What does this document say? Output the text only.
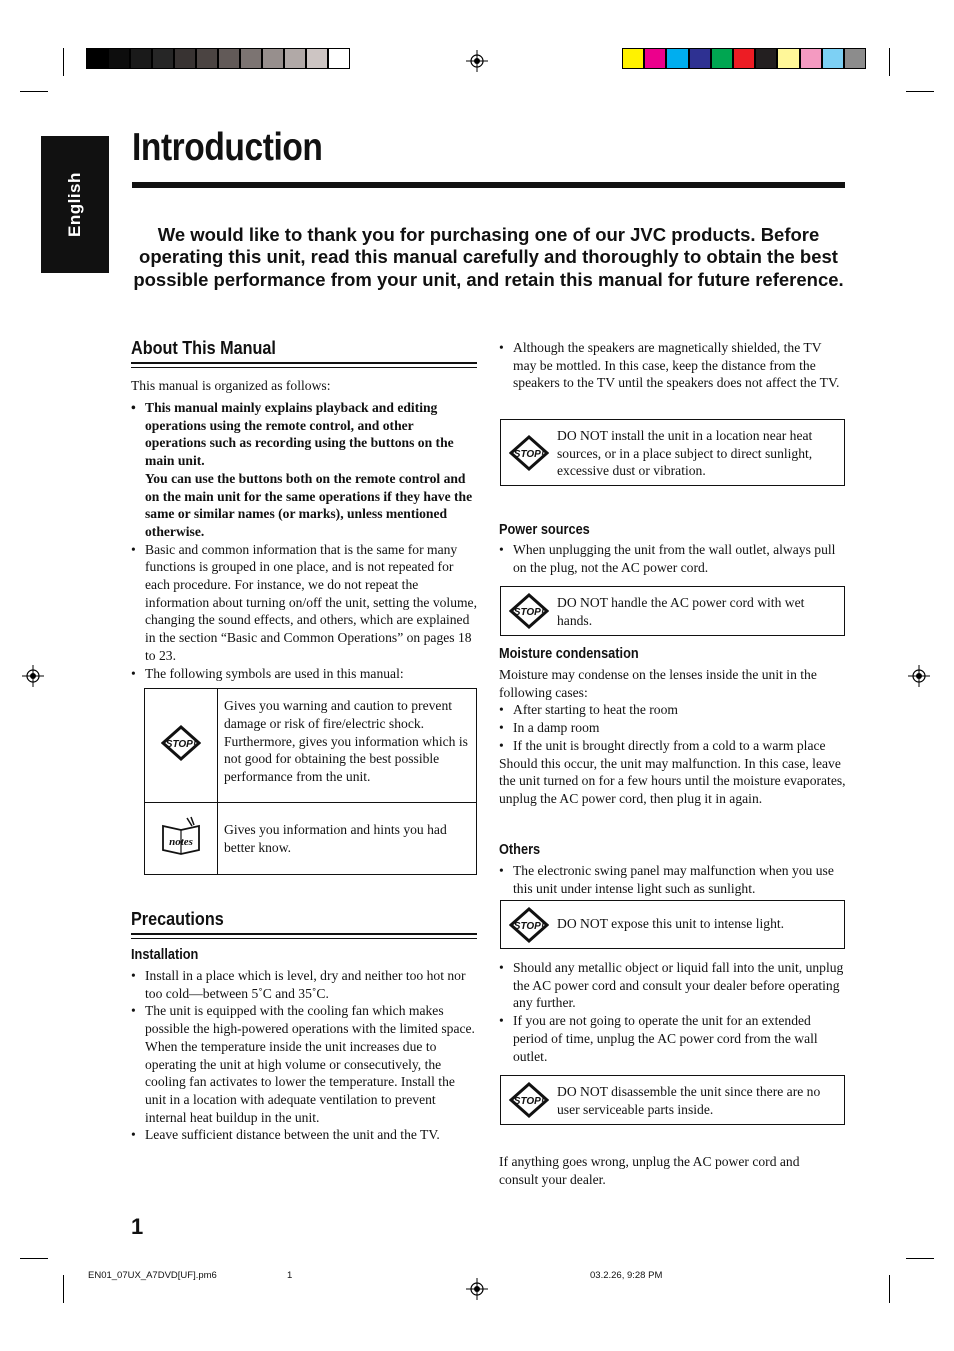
English
Introduction
We would like to thank you for purchasing one of our JVC products. Before operating this unit, read this manual carefully and thoroughly to obtain the best possible performance from your unit, and retain this manual for future reference.
About This Manual
This manual is organized as follows:
• This manual mainly explains playback and editing operations using the remote control, and other operations such as recording using the buttons on the main unit.
You can use the buttons both on the remote control and on the main unit for the same operations if they have the same or similar names (or marks), unless mentioned otherwise.
• Basic and common information that is the same for many functions is grouped in one place, and is not repeated for each procedure. For instance, we do not repeat the information about turning on/off the unit, setting the volume, changing the sound effects, and others, which are explained in the section “Basic and Common Operations” on pages 18 to 23.
• The following symbols are used in this manual:
STOP!	Gives you warning and caution to prevent damage or risk of fire/electric shock. Furthermore, gives you information which is not good for obtaining the best possible performance from the unit.

notes	Gives you information and hints you had better know.
Precautions
Installation
• Install in a place which is level, dry and neither too hot nor too cold—between 5˚C and 35˚C.
• The unit is equipped with the cooling fan which makes possible the high-powered operations with the limited space. When the temperature inside the unit increases due to operating the unit at high volume or consecutively, the cooling fan activates to lower the temperature. Install the unit in a location with adequate ventilation to prevent internal heat buildup in the unit.
• Leave sufficient distance between the unit and the TV.
• Although the speakers are magnetically shielded, the TV may be mottled. In this case, keep the distance from the speakers to the TV until the speakers does not affect the TV.
STOP!
DO NOT install the unit in a location near heat sources, or in a place subject to direct sunlight, excessive dust or vibration.
Power sources
• When unplugging the unit from the wall outlet, always pull on the plug, not the AC power cord.
STOP!
DO NOT handle the AC power cord with wet hands.
Moisture condensation
Moisture may condense on the lenses inside the unit in the following cases:
• After starting to heat the room
• In a damp room
• If the unit is brought directly from a cold to a warm place
Should this occur, the unit may malfunction. In this case, leave the unit turned on for a few hours until the moisture evaporates, unplug the AC power cord, then plug it in again.
Others
• The electronic swing panel may malfunction when you use this unit under intense light such as sunlight.
STOP! DO NOT expose this unit to intense light.
• Should any metallic object or liquid fall into the unit, unplug the AC power cord and consult your dealer before operating any further.
• If you are not going to operate the unit for an extended period of time, unplug the AC power cord from the wall outlet.
STOP!
DO NOT disassemble the unit since there are no user serviceable parts inside.
If anything goes wrong, unplug the AC power cord and consult your dealer.
1
EN01_07UX_A7DVD[UF].pm6	1	03.2.26, 9:28 PM
